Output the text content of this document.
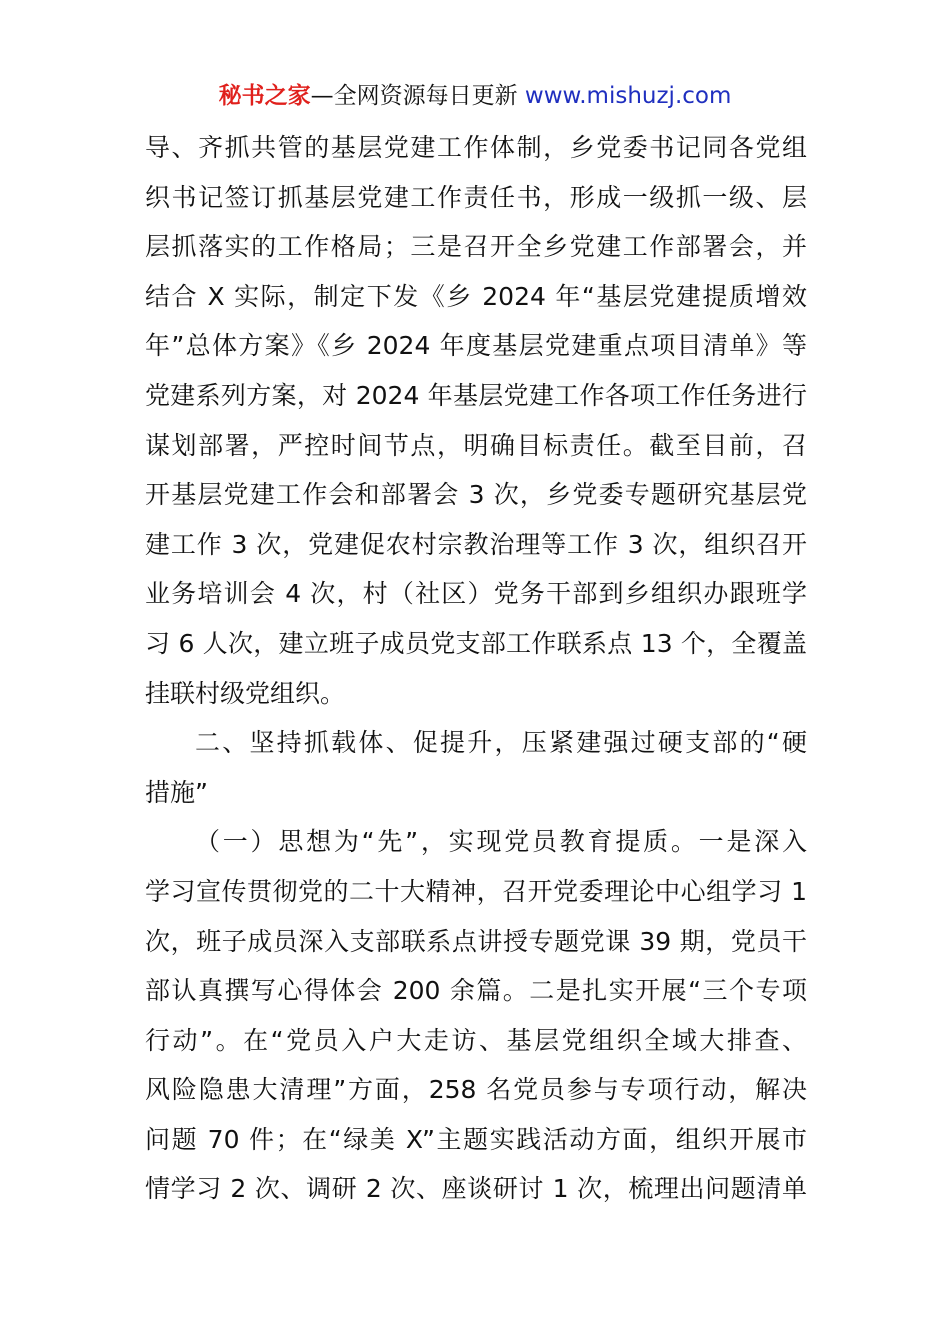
秘书之家—全网资源每日更新 www.mishuzj.com
导、齐抓共管的基层党建工作体制，乡党委书记同各党组
织书记签订抓基层党建工作责任书，形成一级抓一级、层
层抓落实的工作格局；三是召开全乡党建工作部署会，并
结合 X 实际，制定下发《乡 2024 年“基层党建提质增效
年”总体方案》《乡 2024 年度基层党建重点项目清单》等
党建系列方案，对 2024 年基层党建工作各项工作任务进行
谋划部署，严控时间节点，明确目标责任。截至目前，召
开基层党建工作会和部署会 3 次，乡党委专题研究基层党
建工作 3 次，党建促农村宗教治理等工作 3 次，组织召开
业务培训会 4 次，村（社区）党务干部到乡组织办跟班学
习 6 人次，建立班子成员党支部工作联系点 13 个，全覆盖
挂联村级党组织。
二、坚持抓载体、促提升，压紧建强过硬支部的“硬
措施”
（一）思想为“先”，实现党员教育提质。一是深入
学习宣传贯彻党的二十大精神，召开党委理论中心组学习 1
次，班子成员深入支部联系点讲授专题党课 39 期，党员干
部认真撰写心得体会 200 余篇。二是扎实开展“三个专项
行动”。在“党员入户大走访、基层党组织全域大排查、
风险隐患大清理”方面，258 名党员参与专项行动，解决
问题 70 件；在“绿美 X”主题实践活动方面，组织开展市
情学习 2 次、调研 2 次、座谈研讨 1 次，梳理出问题清单
